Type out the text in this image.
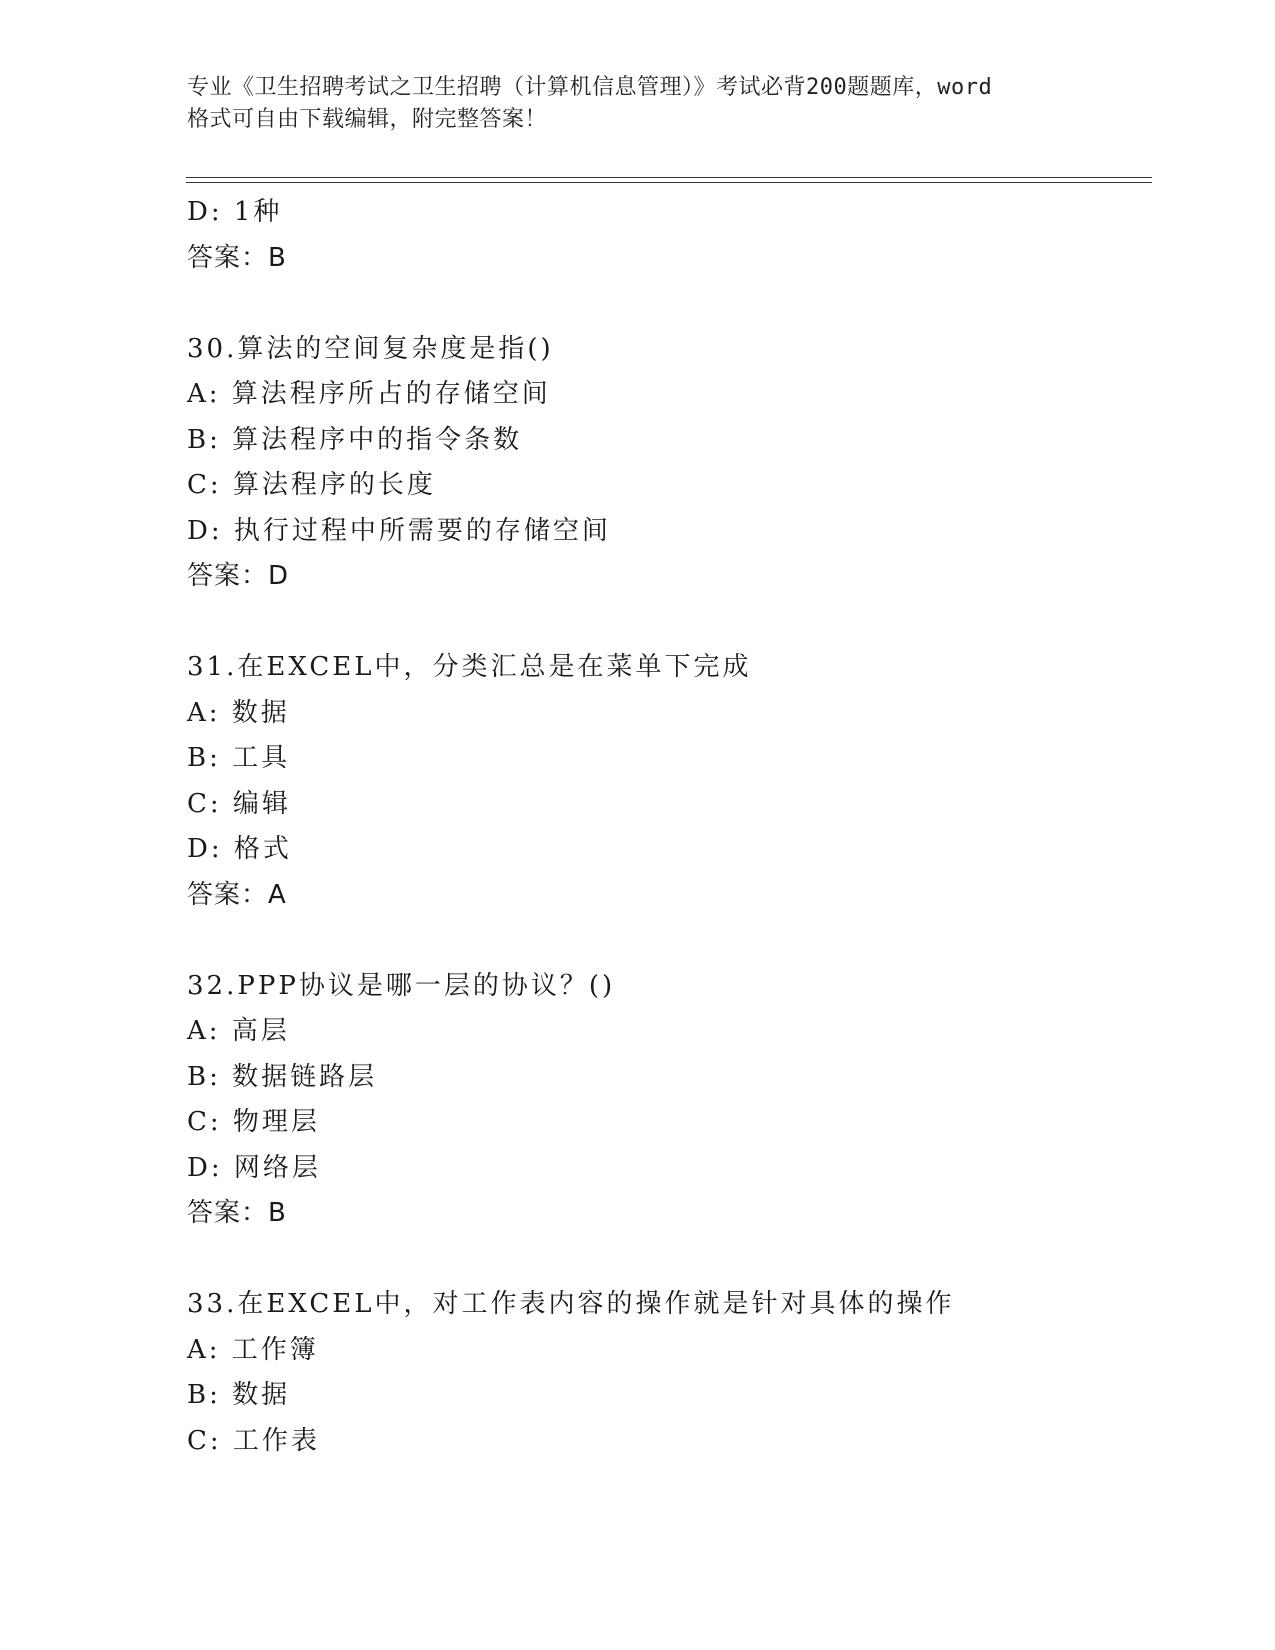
专业《卫生招聘考试之卫生招聘（计算机信息管理）》考试必背200题题库，word
格式可自由下载编辑，附完整答案！
D: 1种
答案：B
30.算法的空间复杂度是指()
A: 算法程序所占的存储空间
B: 算法程序中的指令条数
C: 算法程序的长度
D: 执行过程中所需要的存储空间
答案：D
31.在EXCEL中，分类汇总是在菜单下完成
A: 数据
B: 工具
C: 编辑
D: 格式
答案：A
32.PPP协议是哪一层的协议？()
A: 高层
B: 数据链路层
C: 物理层
D: 网络层
答案：B
33.在EXCEL中，对工作表内容的操作就是针对具体的操作
A: 工作簿
B: 数据
C: 工作表
